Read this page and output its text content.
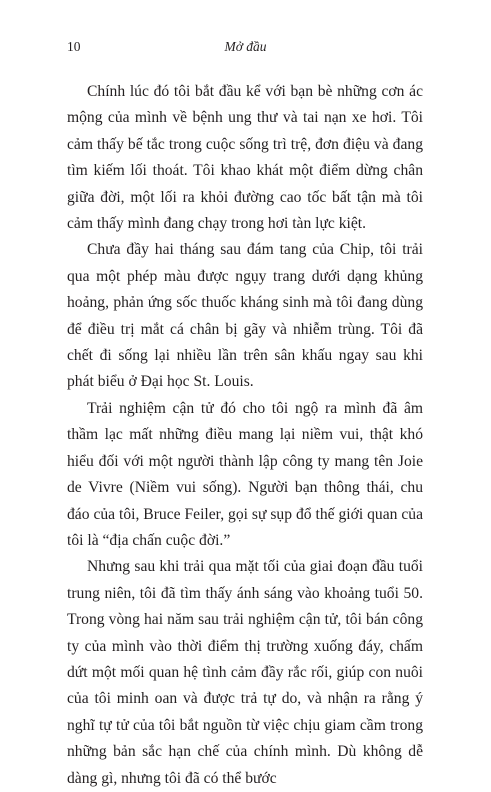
10	Mở đầu

Chính lúc đó tôi bắt đầu kể với bạn bè những cơn ác mộng của mình về bệnh ung thư và tai nạn xe hơi. Tôi cảm thấy bế tắc trong cuộc sống trì trệ, đơn điệu và đang tìm kiếm lối thoát. Tôi khao khát một điểm dừng chân giữa đời, một lối ra khỏi đường cao tốc bất tận mà tôi cảm thấy mình đang chạy trong hơi tàn lực kiệt.

Chưa đầy hai tháng sau đám tang của Chip, tôi trải qua một phép màu được ngụy trang dưới dạng khủng hoảng, phản ứng sốc thuốc kháng sinh mà tôi đang dùng để điều trị mắt cá chân bị gãy và nhiễm trùng. Tôi đã chết đi sống lại nhiều lần trên sân khấu ngay sau khi phát biểu ở Đại học St. Louis.

Trải nghiệm cận tử đó cho tôi ngộ ra mình đã âm thầm lạc mất những điều mang lại niềm vui, thật khó hiểu đối với một người thành lập công ty mang tên Joie de Vivre (Niềm vui sống). Người bạn thông thái, chu đáo của tôi, Bruce Feiler, gọi sự sụp đổ thế giới quan của tôi là “địa chấn cuộc đời.”

Nhưng sau khi trải qua mặt tối của giai đoạn đầu tuổi trung niên, tôi đã tìm thấy ánh sáng vào khoảng tuổi 50. Trong vòng hai năm sau trải nghiệm cận tử, tôi bán công ty của mình vào thời điểm thị trường xuống đáy, chấm dứt một mối quan hệ tình cảm đầy rắc rối, giúp con nuôi của tôi minh oan và được trả tự do, và nhận ra rằng ý nghĩ tự tử của tôi bắt nguồn từ việc chịu giam cầm trong những bản sắc hạn chế của chính mình. Dù không dễ dàng gì, nhưng tôi đã có thể bước
